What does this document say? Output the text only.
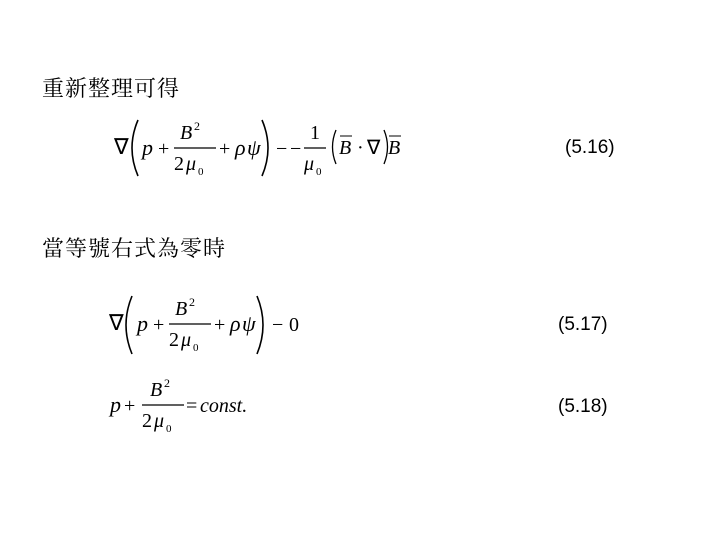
重新整理可得
當等號右式為零時
∇ p +
B 2
2 μ 0
+ ρ ψ − −
1
μ 0
B · ∇ B	(5.16)
∇ p +
B 2
2 μ 0
+ ρ ψ − 0	(5.17)
p +
B 2
2 μ 0
= const.	(5.18)
